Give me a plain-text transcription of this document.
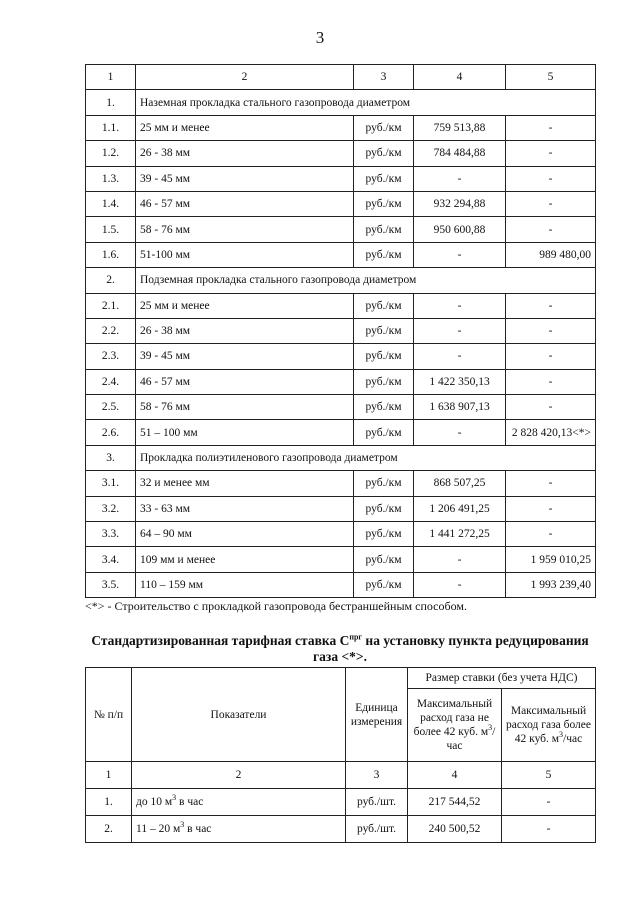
3
1	2	3	4	5
1.	Наземная прокладка стального газопровода диаметром			
1.1.	25 мм и менее	руб./км	759 513,88	-
1.2.	26 - 38 мм	руб./км	784 484,88	-
1.3.	39 - 45 мм	руб./км	-	-
1.4.	46 - 57 мм	руб./км	932 294,88	-
1.5.	58 - 76 мм	руб./км	950 600,88	-
1.6.	51-100 мм	руб./км	-	989 480,00
2.	Подземная прокладка стального газопровода диаметром			
2.1.	25 мм и менее	руб./км	-	-
2.2.	26 - 38 мм	руб./км	-	-
2.3.	39 - 45 мм	руб./км	-	-
2.4.	46 - 57 мм	руб./км	1 422 350,13	-
2.5.	58 - 76 мм	руб./км	1 638 907,13	-
2.6.	51 – 100 мм	руб./км	-	2 828 420,13<*>
3.	Прокладка полиэтиленового газопровода диаметром			
3.1.	32 и менее мм	руб./км	868 507,25	-
3.2.	33 - 63 мм	руб./км	1 206 491,25	-
3.3.	64 – 90 мм	руб./км	1 441 272,25	-
3.4.	109 мм и менее	руб./км	-	1 959 010,25
3.5.	110 – 159 мм	руб./км	-	1 993 239,40
<*> - Строительство с прокладкой газопровода бестраншейным способом.
Стандартизированная тарифная ставка $С^{прг}$ на установку пункта редуцирования газа <*>.
№ п/п	Показатели	Единица измерения	Размер ставки (без учета НДС)	
			Максимальный расход газа не более 42 куб. $м^3$/час	Максимальный расход газа более 42 куб. $м^3$/час
1	2	3	4	5
1.	до 10 $м^3$ в час	руб./шт.	217 544,52	-
2.	11 – 20 $м^3$ в час	руб./шт.	240 500,52	-
